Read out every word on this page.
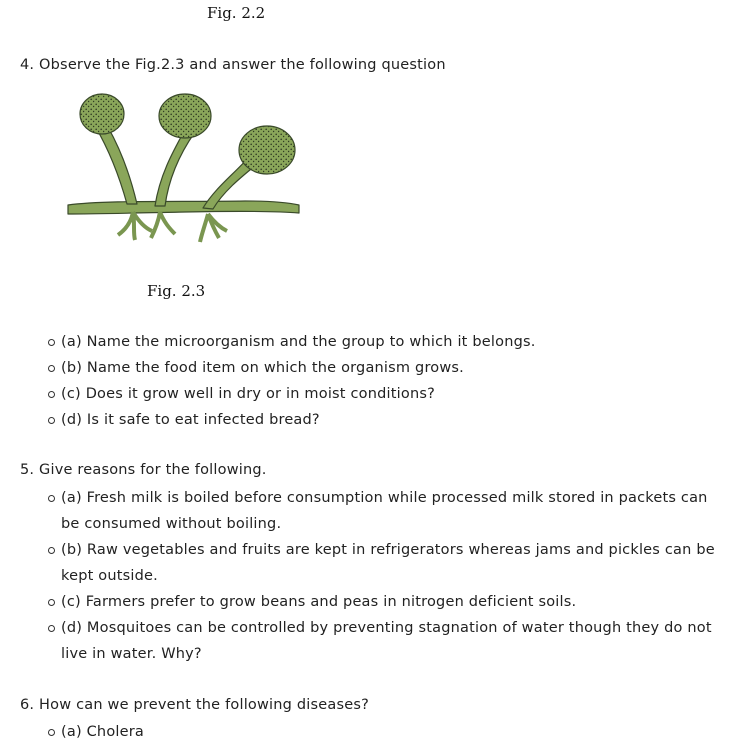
Fig. 2.2
4. Observe the Fig.2.3 and answer the following question
Fig. 2.3
(a) Name the microorganism and the group to which it belongs.
(b) Name the food item on which the organism grows.
(c) Does it grow well in dry or in moist conditions?
(d) Is it safe to eat infected bread?
5. Give reasons for the following.
(a) Fresh milk is boiled before consumption while processed milk stored in packets can be consumed without boiling.
(b) Raw vegetables and fruits are kept in refrigerators whereas jams and pickles can be kept outside.
(c) Farmers prefer to grow beans and peas in nitrogen deficient soils.
(d) Mosquitoes can be controlled by preventing stagnation of water though they do not live in water. Why?
6. How can we prevent the following diseases?
(a) Cholera
